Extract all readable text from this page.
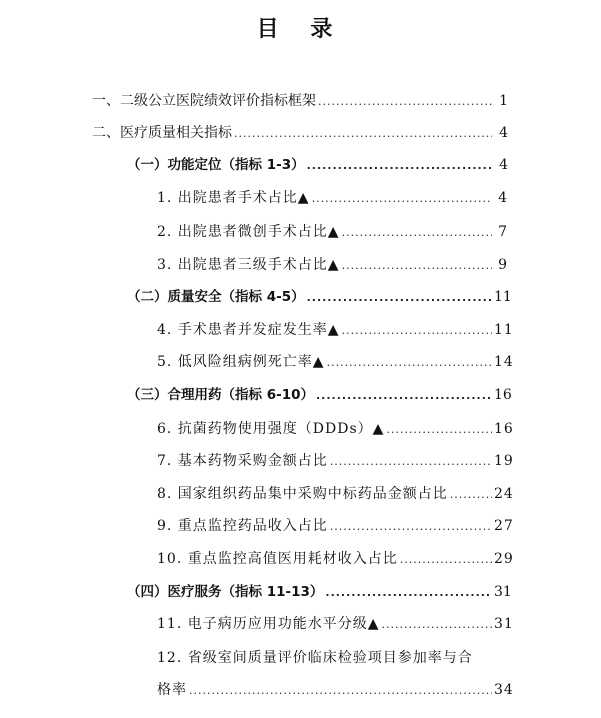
目 录
一、二级公立医院绩效评价指标框架 .....	1
二、医疗质量相关指标 .....	4
（一）功能定位（指标 1-3） .....	4
1. 出院患者手术占比▲ .....	4
2. 出院患者微创手术占比▲ .....	7
3. 出院患者三级手术占比▲ .....	9
（二）质量安全（指标 4-5） .....	11
4. 手术患者并发症发生率▲ .....	11
5. 低风险组病例死亡率▲ .....	14
（三）合理用药（指标 6-10） .....	16
6. 抗菌药物使用强度（DDDs）▲ .....	16
7. 基本药物采购金额占比 .....	19
8. 国家组织药品集中采购中标药品金额占比 .....	24
9. 重点监控药品收入占比 .....	27
10. 重点监控高值医用耗材收入占比 .....	29
（四）医疗服务（指标 11-13） .....	31
11. 电子病历应用功能水平分级▲ .....	31
12. 省级室间质量评价临床检验项目参加率与合
格率 .....	34
